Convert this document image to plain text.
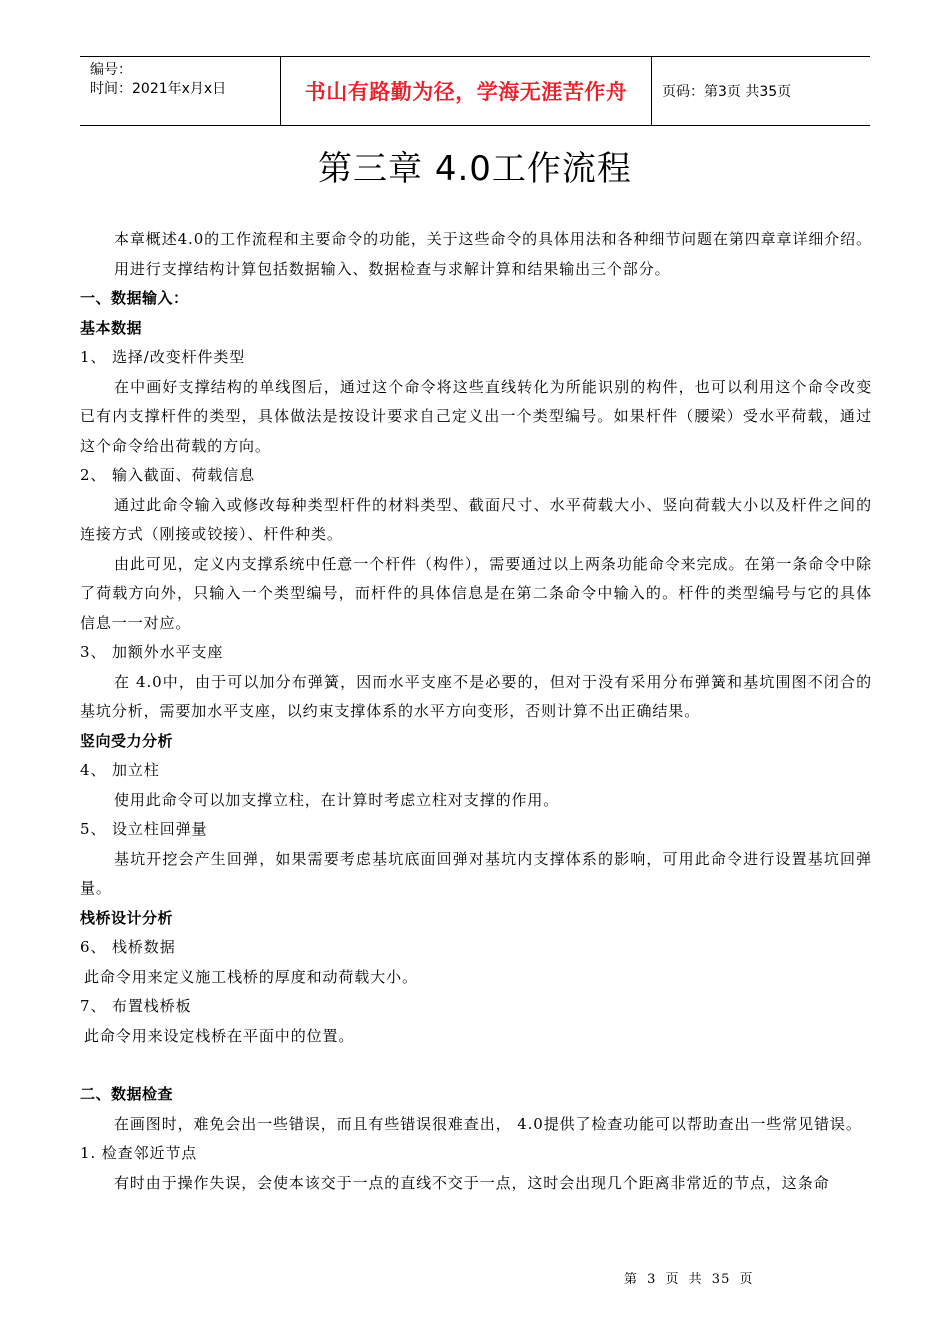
编号：
时间：2021年x月x日	书山有路勤为径，学海无涯苦作舟	页码：第3页 共35页
第三章 4.0工作流程

本章概述4.0的工作流程和主要命令的功能，关于这些命令的具体用法和各种细节问题在第四章章详细介绍。

用进行支撑结构计算包括数据输入、数据检查与求解计算和结果输出三个部分。

一、数据输入：

基本数据

1、 选择/改变杆件类型

在中画好支撑结构的单线图后，通过这个命令将这些直线转化为所能识别的构件，也可以利用这个命令改变已有内支撑杆件的类型，具体做法是按设计要求自己定义出一个类型编号。如果杆件（腰梁）受水平荷载，通过这个命令给出荷载的方向。

2、 输入截面、荷载信息

通过此命令输入或修改每种类型杆件的材料类型、截面尺寸、水平荷载大小、竖向荷载大小以及杆件之间的连接方式（刚接或铰接）、杆件种类。

由此可见，定义内支撑系统中任意一个杆件（构件），需要通过以上两条功能命令来完成。在第一条命令中除了荷载方向外，只输入一个类型编号，而杆件的具体信息是在第二条命令中输入的。杆件的类型编号与它的具体信息一一对应。

3、 加额外水平支座

在 4.0中，由于可以加分布弹簧，因而水平支座不是必要的，但对于没有采用分布弹簧和基坑围图不闭合的基坑分析，需要加水平支座，以约束支撑体系的水平方向变形，否则计算不出正确结果。

竖向受力分析

4、 加立柱

使用此命令可以加支撑立柱，在计算时考虑立柱对支撑的作用。

5、 设立柱回弹量

基坑开挖会产生回弹，如果需要考虑基坑底面回弹对基坑内支撑体系的影响，可用此命令进行设置基坑回弹量。

栈桥设计分析

6、 栈桥数据

此命令用来定义施工栈桥的厚度和动荷载大小。

7、 布置栈桥板

此命令用来设定栈桥在平面中的位置。

二、数据检查

在画图时，难免会出一些错误，而且有些错误很难查出， 4.0提供了检查功能可以帮助查出一些常见错误。

1. 检查邻近节点

有时由于操作失误，会使本该交于一点的直线不交于一点，这时会出现几个距离非常近的节点，这条命

第 3 页 共 35 页
